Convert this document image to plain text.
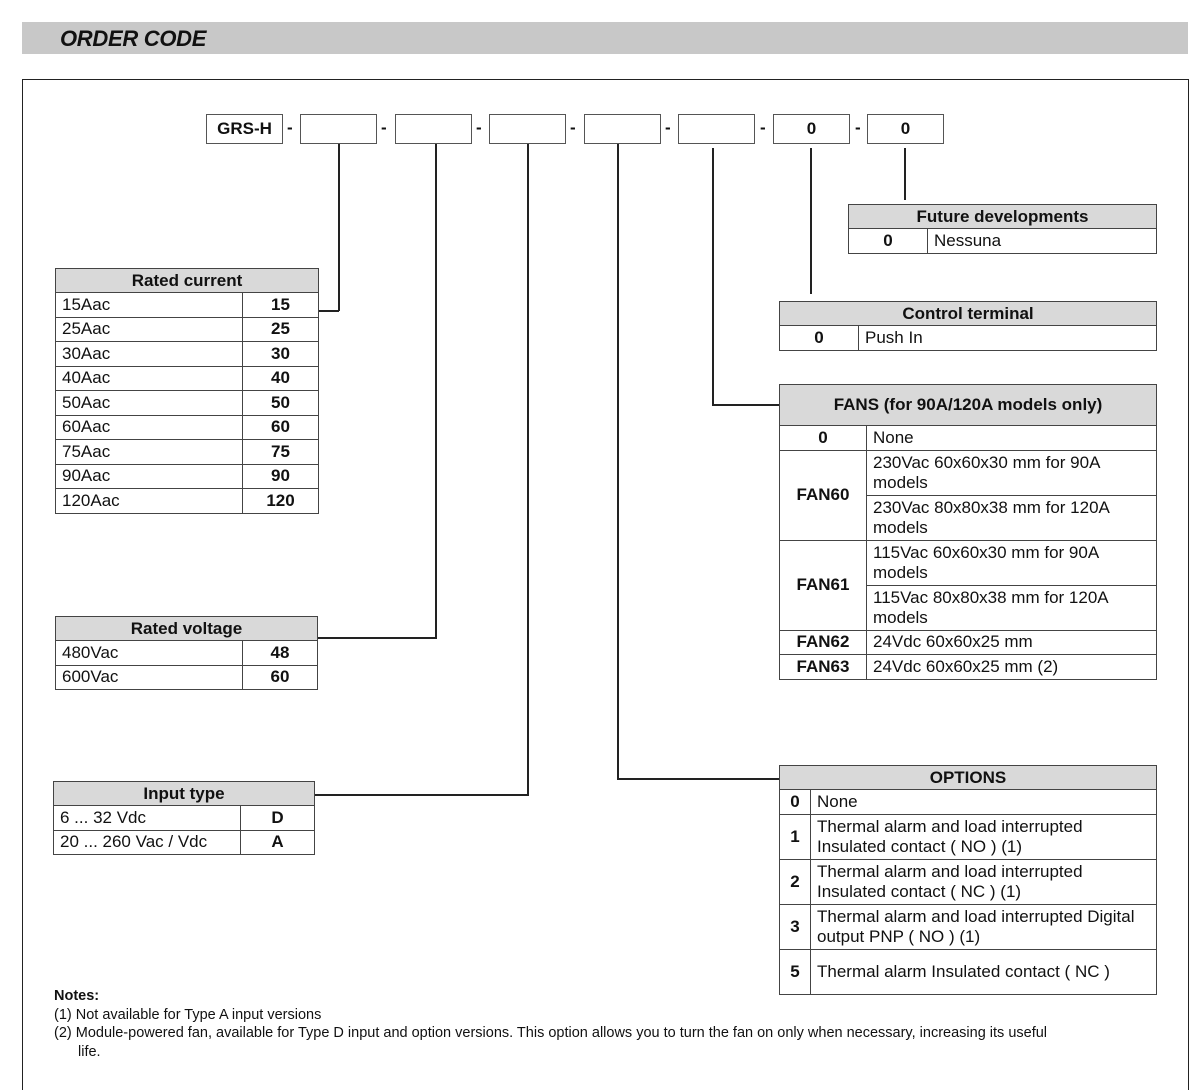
ORDER CODE
GRS-H -	-	-	-	-	-	0	-	0
Rated current	
15Aac	15
25Aac	25
30Aac	30
40Aac	40
50Aac	50
60Aac	60
75Aac	75
90Aac	90
120Aac	120
Rated voltage	
480Vac	48
600Vac	60
Input type	
6 ... 32 Vdc	D
20 ... 260 Vac / Vdc	A
Future developments
0	Nessuna
Control terminal
0	Push In
FANS (for 90A/120A models only)	
0	None
FAN60	230Vac 60x60x30 mm for 90A models
	230Vac 80x80x38 mm for 120A models
FAN61	115Vac 60x60x30 mm for 90A models
	115Vac 80x80x38 mm for 120A models
FAN62	24Vdc 60x60x25 mm
FAN63	24Vdc 60x60x25 mm (2)
OPTIONS	
0	None
1	Thermal alarm and load interrupted Insulated contact ( NO ) (1)
2	Thermal alarm and load interrupted Insulated contact ( NC ) (1)
3	Thermal alarm and load interrupted Digital output PNP ( NO ) (1)
5	Thermal alarm Insulated contact ( NC )
Notes:
(1) Not available for Type A input versions
(2) Module-powered fan, available for Type D input and option versions. This option allows you to turn the fan on only when necessary, increasing its useful
life.
